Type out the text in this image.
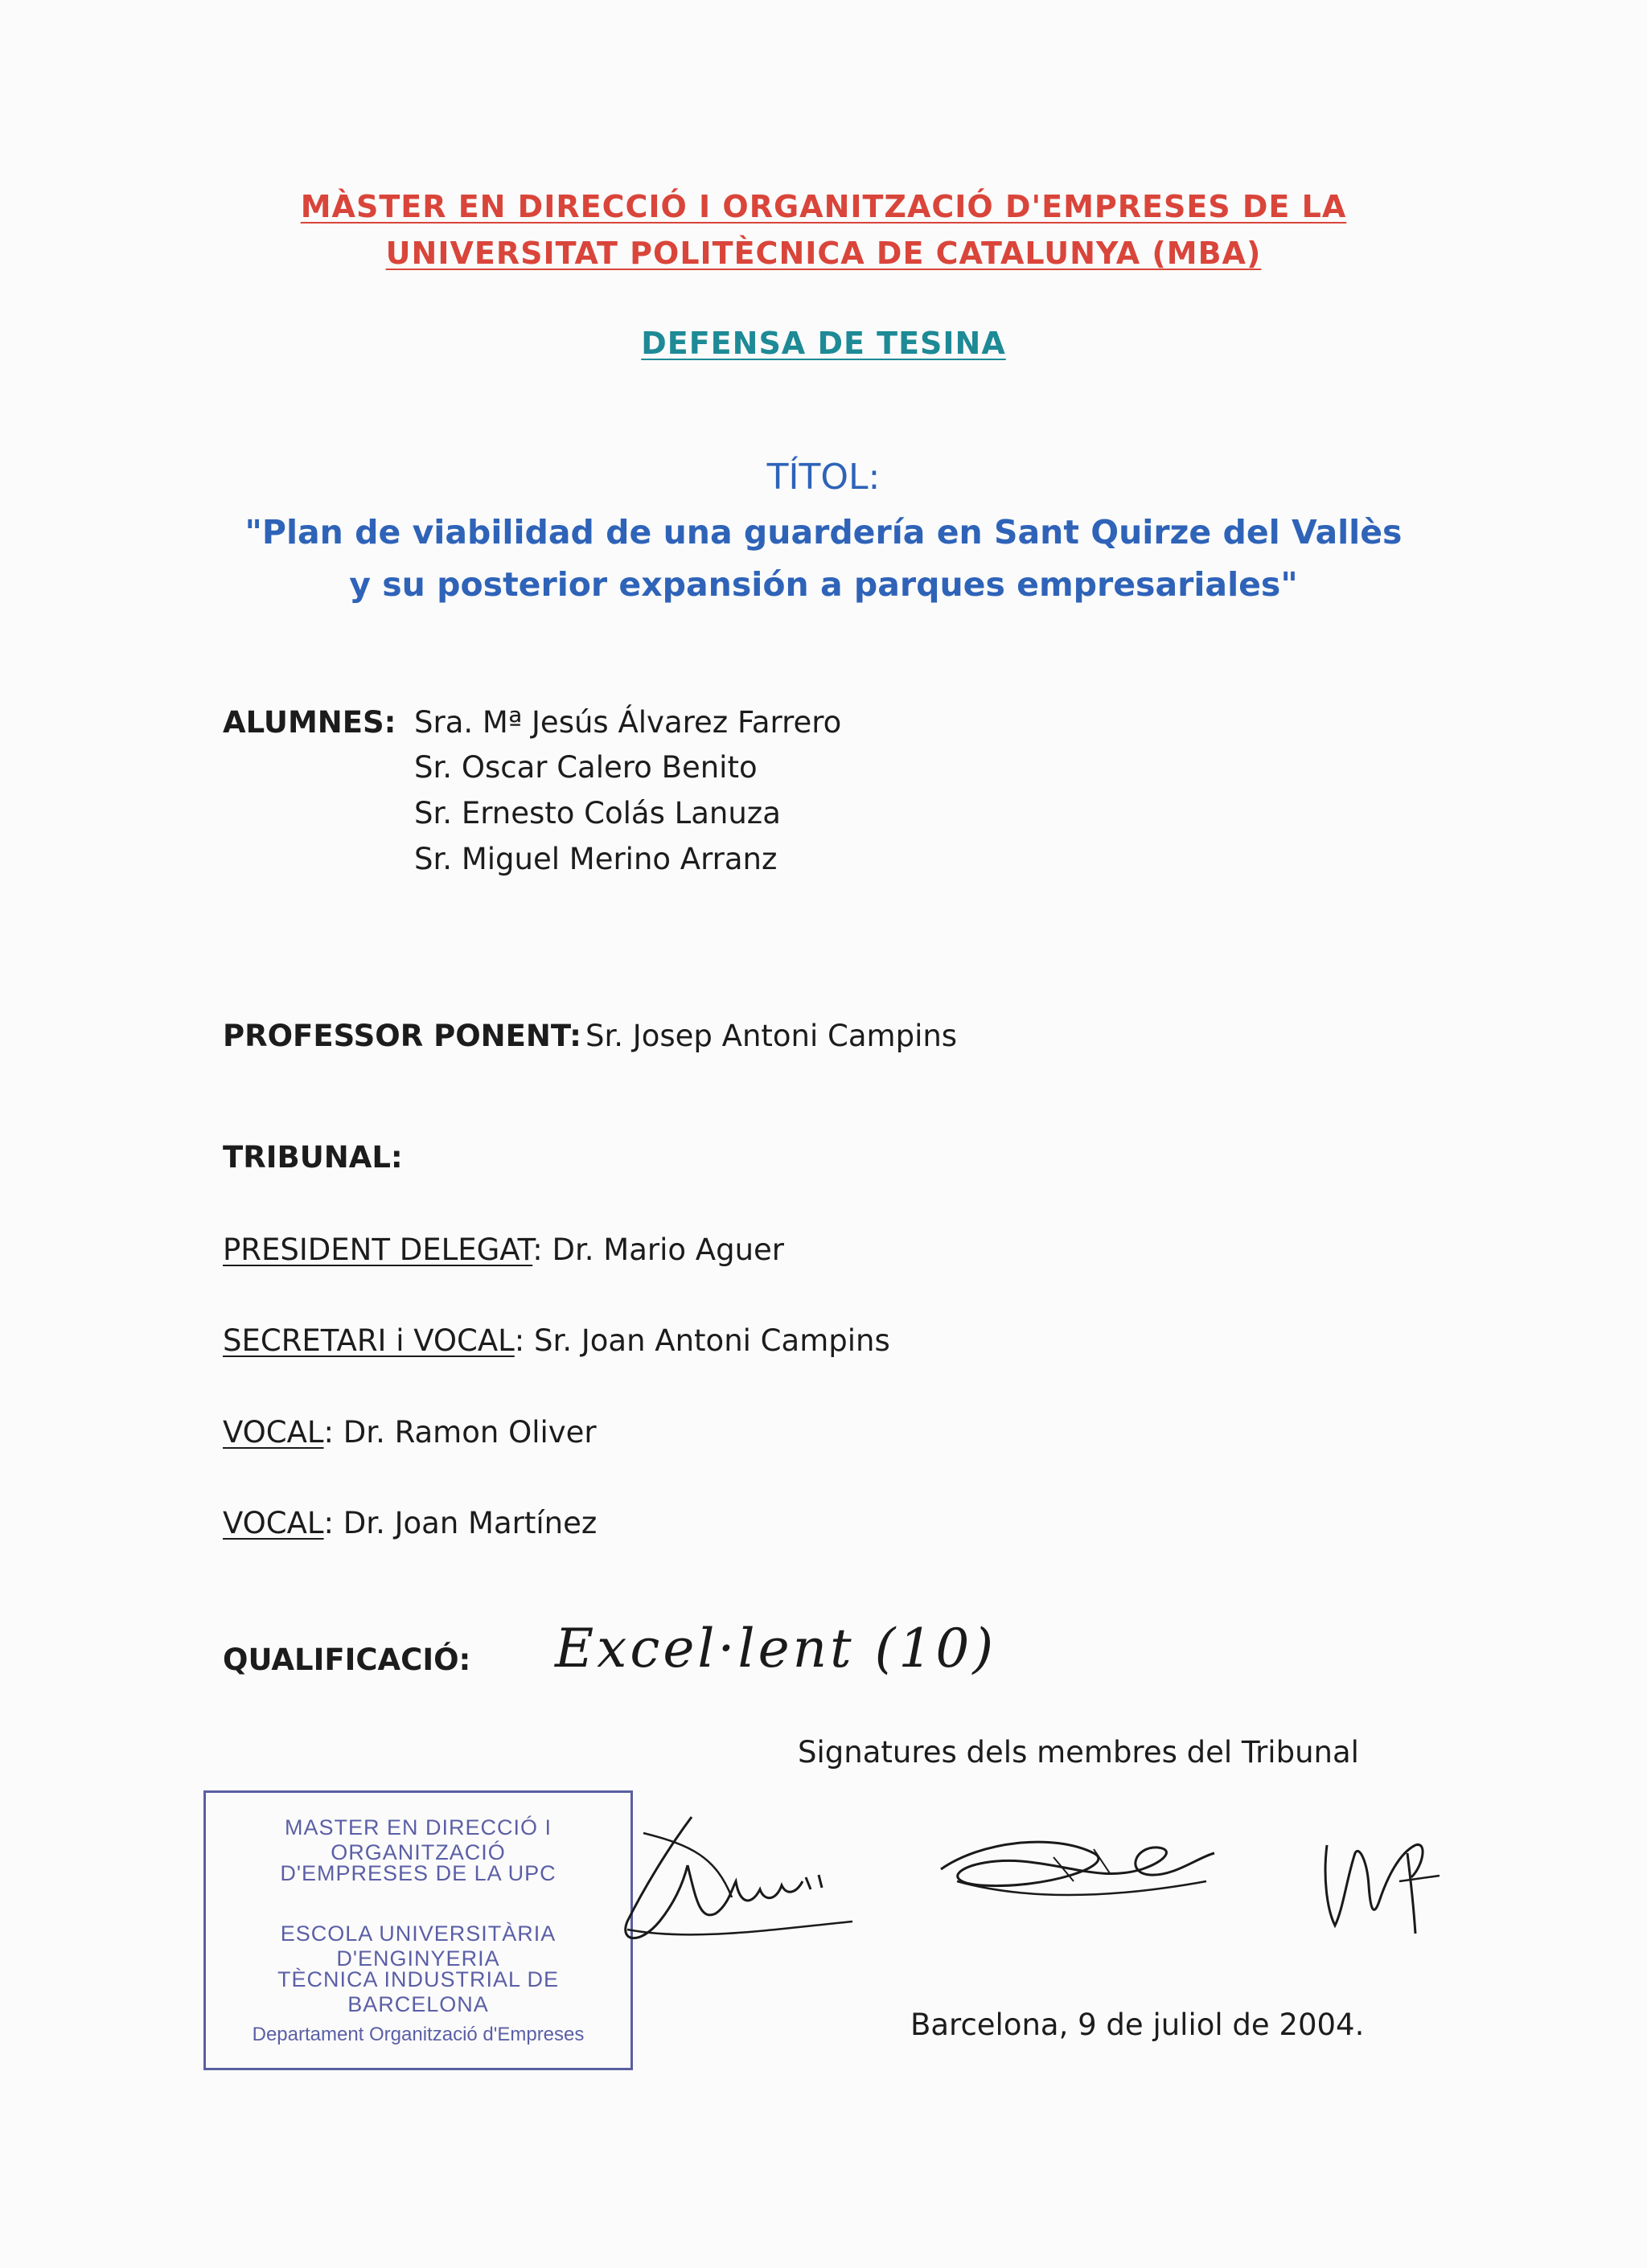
MÀSTER EN DIRECCIÓ I ORGANITZACIÓ D'EMPRESES DE LA
UNIVERSITAT POLITÈCNICA DE CATALUNYA (MBA)
DEFENSA DE TESINA
TÍTOL:
"Plan de viabilidad de una guardería en Sant Quirze del Vallès
y su posterior expansión a parques empresariales"
ALUMNES: Sra. Mª Jesús Álvarez Farrero
Sr. Oscar Calero Benito
Sr. Ernesto Colás Lanuza
Sr. Miguel Merino Arranz
PROFESSOR PONENT: Sr. Josep Antoni Campins
TRIBUNAL:
PRESIDENT DELEGAT: Dr. Mario Aguer
SECRETARI i VOCAL: Sr. Joan Antoni Campins
VOCAL: Dr. Ramon Oliver
VOCAL: Dr. Joan Martínez
QUALIFICACIÓ: Excel·lent (10)
Signatures dels membres del Tribunal
MASTER EN DIRECCIÓ I ORGANITZACIÓ
D'EMPRESES DE LA UPC
ESCOLA UNIVERSITÀRIA D'ENGINYERIA
TÈCNICA INDUSTRIAL DE BARCELONA
Departament Organització d'Empreses	Barcelona, 9 de juliol de 2004.
